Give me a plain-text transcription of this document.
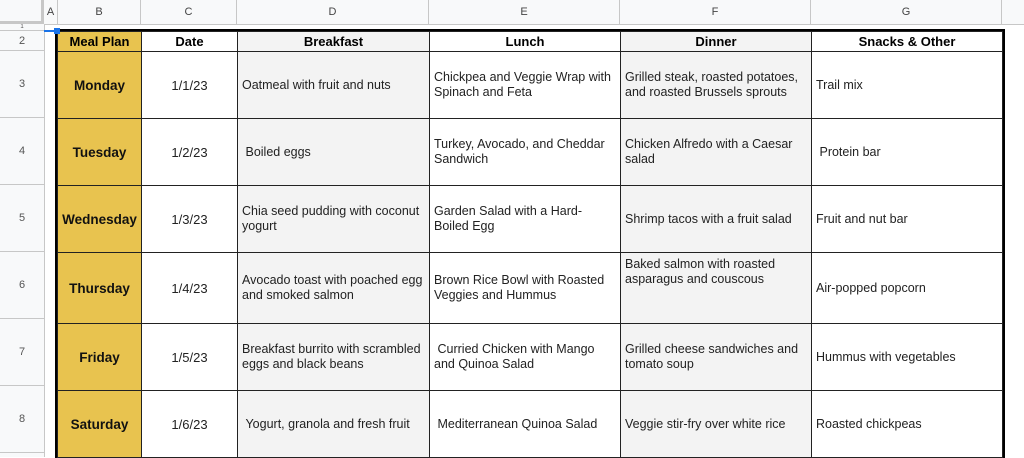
A	B	C	D	E	F	G
1
2
3
4
5
6
7
8
Meal Plan	Date	Breakfast	Lunch	Dinner	Snacks & Other
Monday	1/1/23	Oatmeal with fruit and nuts	Chickpea and Veggie Wrap with Spinach and Feta	Grilled steak, roasted potatoes, and roasted Brussels sprouts	Trail mix
Tuesday	1/2/23	Boiled eggs	Turkey, Avocado, and Cheddar Sandwich	Chicken Alfredo with a Caesar salad	Protein bar
Wednesday	1/3/23	Chia seed pudding with coconut yogurt	Garden Salad with a Hard-Boiled Egg	Shrimp tacos with a fruit salad	Fruit and nut bar
Thursday	1/4/23	Avocado toast with poached egg and smoked salmon	Brown Rice Bowl with Roasted Veggies and Hummus	Baked salmon with roasted asparagus and couscous	Air-popped popcorn
Friday	1/5/23	Breakfast burrito with scrambled eggs and black beans	Curried Chicken with Mango and Quinoa Salad	Grilled cheese sandwiches and tomato soup	Hummus with vegetables
Saturday	1/6/23	Yogurt, granola and fresh fruit	Mediterranean Quinoa Salad	Veggie stir-fry over white rice	Roasted chickpeas
